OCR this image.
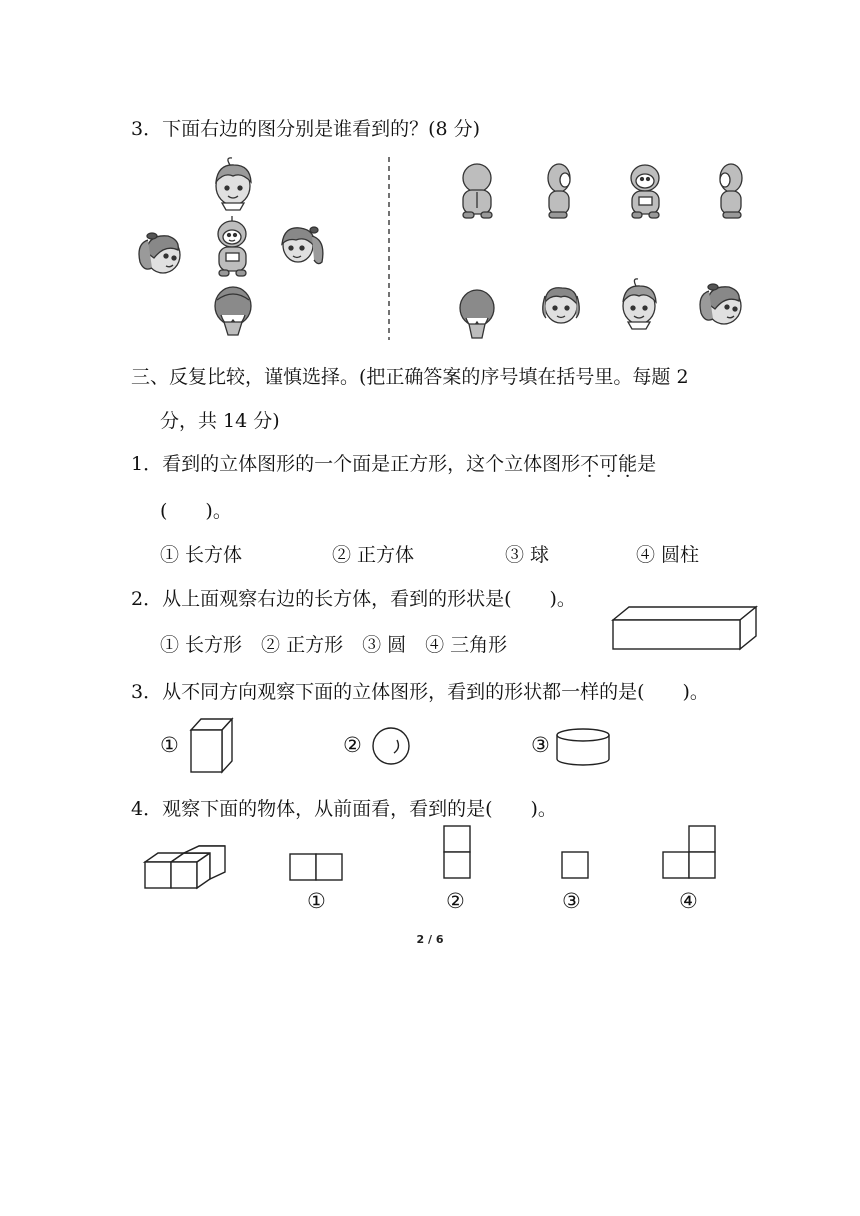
3．下面右边的图分别是谁看到的？(8 分)
三、反复比较，谨慎选择。(把正确答案的序号填在括号里。每题 2
分，共 14 分)
1．看到的立体图形的一个面是正方形，这个立体图形不可能是
(　　)。
① 长方体	② 正方体	③ 球	④ 圆柱
2．从上面观察右边的长方体，看到的形状是(　　)。
① 长方形　② 正方形　③ 圆　④ 三角形
3．从不同方向观察下面的立体图形，看到的形状都一样的是(　　)。
①	②	③
4．观察下面的物体，从前面看，看到的是(　　)。
①	②	③	④
2 / 6
